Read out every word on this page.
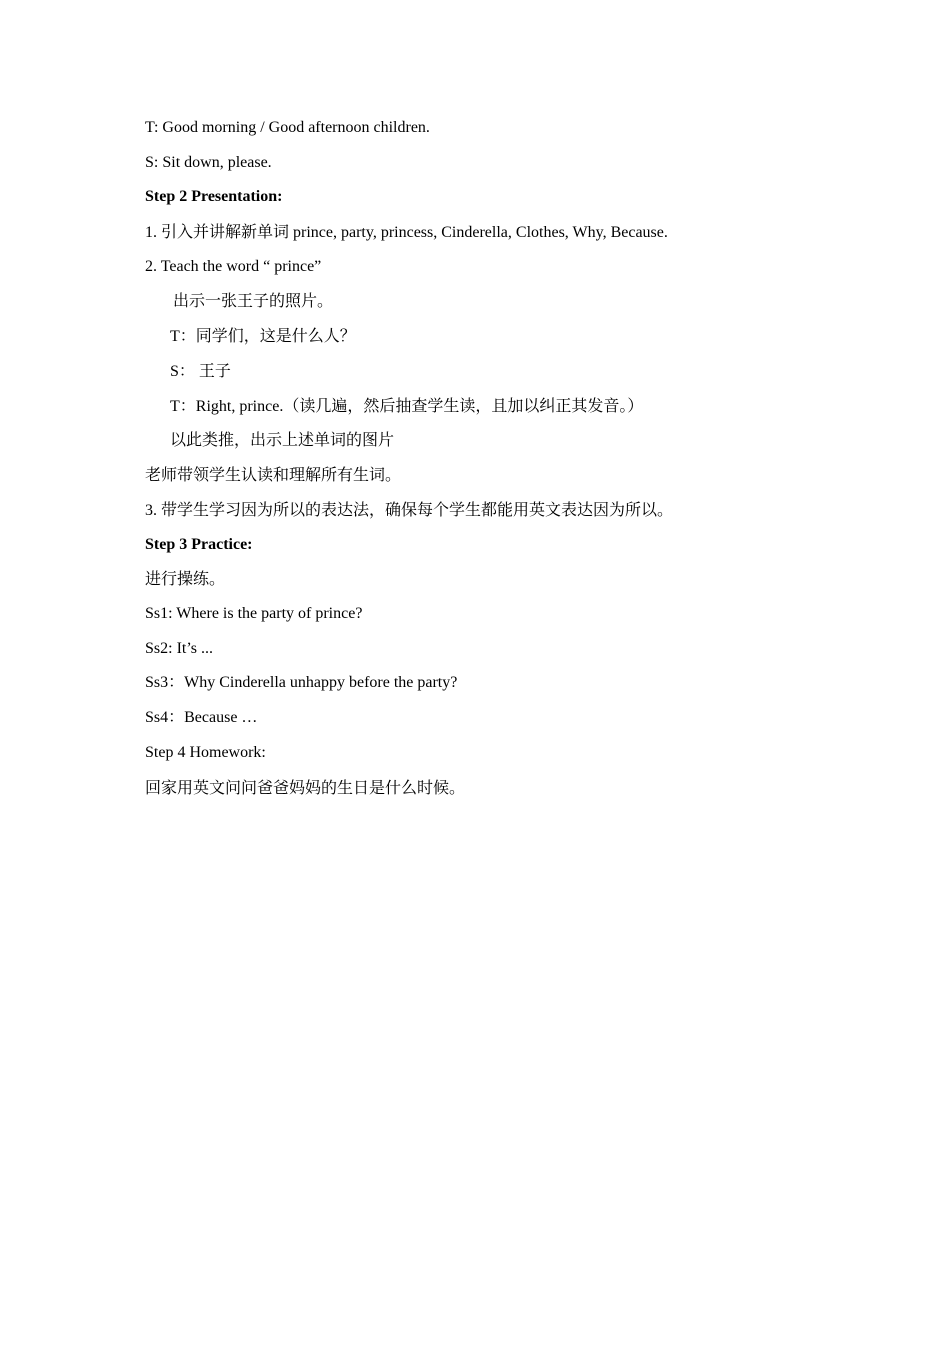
T: Good morning / Good afternoon children.
S: Sit down, please.
Step 2 Presentation:
1. 引入并讲解新单词 prince, party, princess, Cinderella, Clothes, Why, Because.
2. Teach the word “ prince”
出示一张王子的照片。
T：同学们，这是什么人？
S： 王子
T：Right, prince.（读几遍，然后抽查学生读，且加以纠正其发音。）
以此类推，出示上述单词的图片
老师带领学生认读和理解所有生词。
3. 带学生学习因为所以的表达法，确保每个学生都能用英文表达因为所以。
Step 3 Practice:
进行操练。
Ss1: Where is the party of prince?
Ss2: It’s ...
Ss3：Why Cinderella unhappy before the party?
Ss4：Because …
Step 4 Homework:
回家用英文问问爸爸妈妈的生日是什么时候。
